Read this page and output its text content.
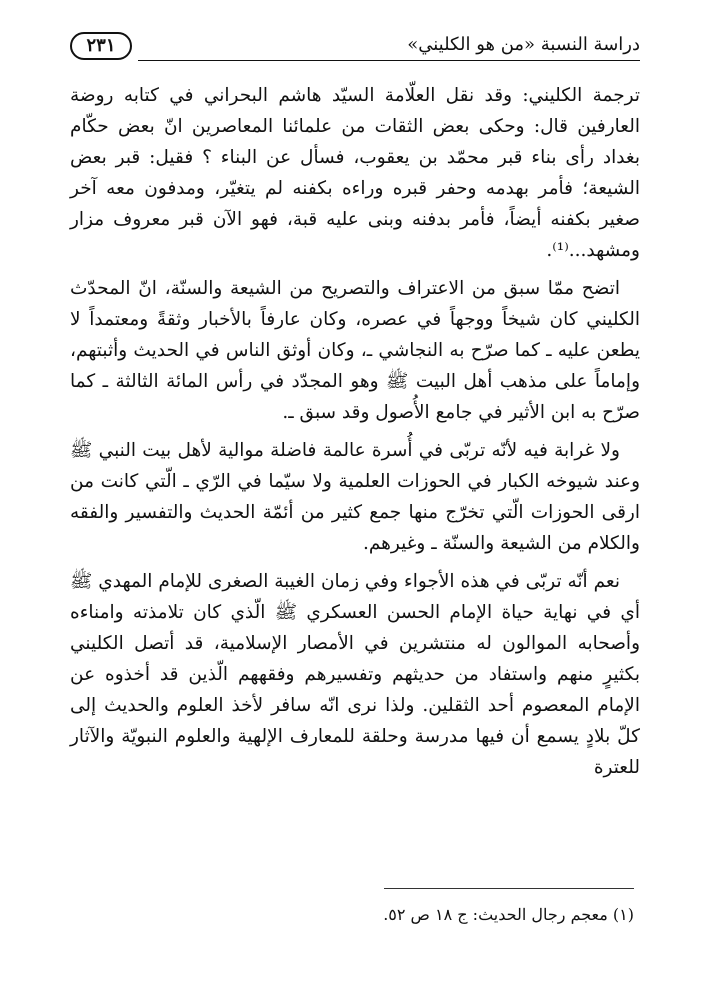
دراسة النسبة «من هو الكليني»
٢٣١

ترجمة الكليني: وقد نقل العلّامة السيّد هاشم البحراني في كتابه روضة العارفين قال: وحكى بعض الثقات من علمائنا المعاصرين انّ بعض حكّام بغداد رأى بناء قبر محمّد بن يعقوب، فسأل عن البناء ؟ فقيل: قبر بعض الشيعة؛ فأمر بهدمه وحفر قبره وراءه بكفنه لم يتغيّر، ومدفون معه آخر صغير بكفنه أيضاً، فأمر بدفنه وبنى عليه قبة، فهو الآن قبر معروف مزار ومشهد...⁽¹⁾.

اتضح ممّا سبق من الاعتراف والتصريح من الشيعة والسنّة، انّ المحدّث الكليني كان شيخاً ووجهاً في عصره، وكان عارفاً بالأخبار وثقةً ومعتمداً لا يطعن عليه ـ كما صرّح به النجاشي ـ، وكان أوثق الناس في الحديث وأثبتهم، وإماماً على مذهب أهل البيت ﷺ وهو المجدّد في رأس المائة الثالثة ـ كما صرّح به ابن الأثير في جامع الأُصول وقد سبق ـ.

ولا غرابة فيه لأنّه تربّى في أُسرة عالمة فاضلة موالية لأهل بيت النبي ﷺ وعند شيوخه الكبار في الحوزات العلمية ولا سيّما في الرّي ـ الّتي كانت من ارقى الحوزات الّتي تخرّج منها جمع كثير من أئمّة الحديث والتفسير والفقه والكلام من الشيعة والسنّة ـ وغيرهم.

نعم أنّه تربّى في هذه الأجواء وفي زمان الغيبة الصغرى للإمام المهدي ﷺ أي في نهاية حياة الإمام الحسن العسكري ﷺ الّذي كان تلامذته وامناءه وأصحابه الموالون له منتشرين في الأمصار الإسلامية، قد أتصل الكليني بكثيرٍ منهم واستفاد من حديثهم وتفسيرهم وفقههم الّذين قد أخذوه عن الإمام المعصوم أحد الثقلين. ولذا نرى انّه سافر لأخذ العلوم والحديث إلى كلّ بلادٍ يسمع أن فيها مدرسة وحلقة للمعارف الإلهية والعلوم النبويّة والآثار للعترة

(١) معجم رجال الحديث: ج ١٨ ص ٥٢.
